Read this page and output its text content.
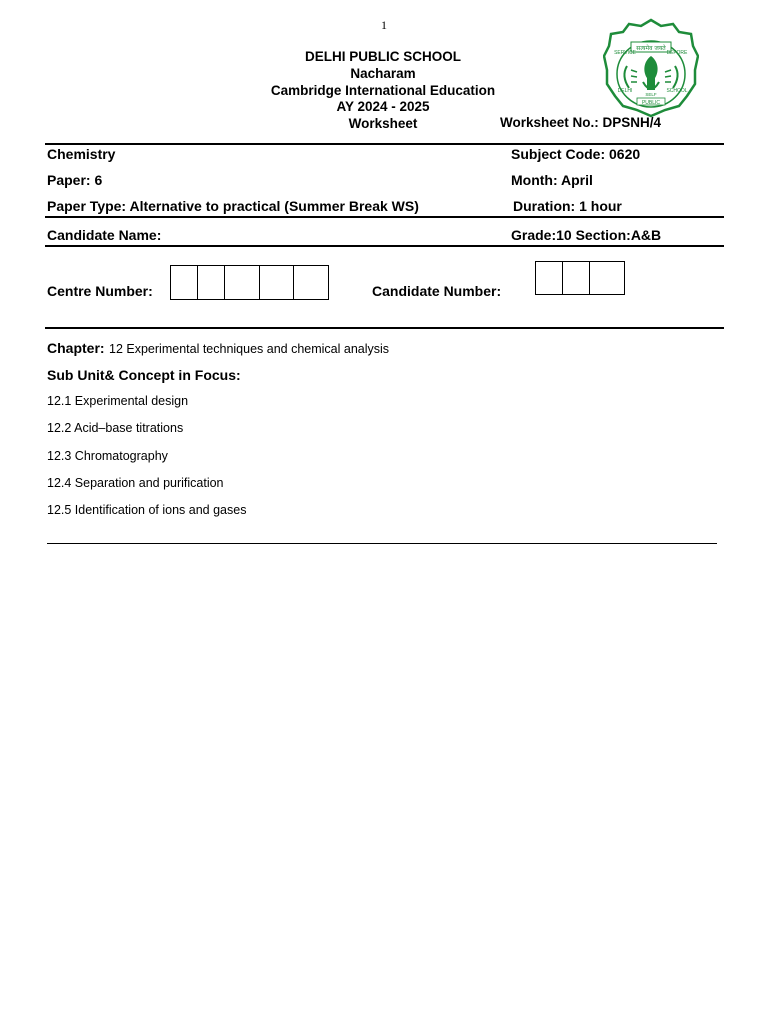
1
DELHI PUBLIC SCHOOL
Nacharam
Cambridge International Education
AY 2024 - 2025
Worksheet	Worksheet No.: DPSNH/4
सत्यमेव जयते
SERVICE	BEFORE
DELHI	SCHOOL
PUBLIC
SELF
Chemistry	Subject Code: 0620
Paper: 6	Month: April
Paper Type: Alternative to practical (Summer Break WS)	Duration: 1 hour
Candidate Name:	Grade:10 Section:A&B
Centre Number:	Candidate Number:
Chapter: 12 Experimental techniques and chemical analysis
Sub Unit& Concept in Focus:
12.1 Experimental design
12.2 Acid–base titrations
12.3 Chromatography
12.4 Separation and purification
12.5 Identification of ions and gases
